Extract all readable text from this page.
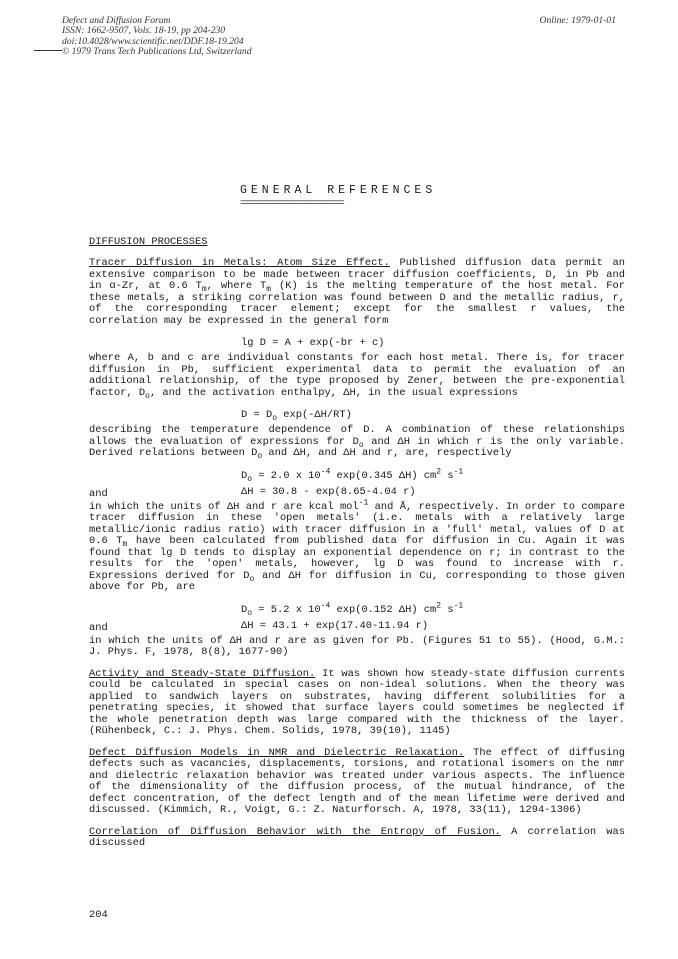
Defect and Diffusion Forum
ISSN: 1662-9507, Vols. 18-19, pp 204-230
doi:10.4028/www.scientific.net/DDF.18-19.204
© 1979 Trans Tech Publications Ltd, Switzerland
Online: 1979-01-01
GENERAL REFERENCES
================================
DIFFUSION PROCESSES
Tracer Diffusion in Metals: Atom Size Effect. Published diffusion data permit an extensive comparison to be made between tracer diffusion coefficients, D, in Pb and in α-Zr, at 0.6 $T_m$, where $T_m$ (K) is the melting temperature of the host metal. For these metals, a striking correlation was found between D and the metallic radius, r, of the corresponding tracer element; except for the smallest r values, the correlation may be expressed in the general form
lg D = A + exp(-br + c)
where A, b and c are individual constants for each host metal. There is, for tracer diffusion in Pb, sufficient experimental data to permit the evaluation of an additional relationship, of the type proposed by Zener, between the pre-exponential factor, $D_o$, and the activation enthalpy, ΔH, in the usual expressions
$D = D_o$ exp(-ΔH/RT)
describing the temperature dependence of D. A combination of these relationships allows the evaluation of expressions for $D_o$ and ΔH in which r is the only variable. Derived relations between $D_o$ and ΔH, and ΔH and r, are, respectively
$D_o = 2.0$ x $10^{-4}$ exp(0.345 ΔH) $cm^2$ $s^{-1}$
and	ΔH = 30.8 - exp(8.65-4.04 r)
in which the units of ΔH and r are kcal mol$^{-1}$ and Å, respectively. In order to compare tracer diffusion in these 'open metals' (i.e. metals with a relatively large metallic/ionic radius ratio) with tracer diffusion in a 'full' metal, values of D at 0.6 $T_m$ have been calculated from published data for diffusion in Cu. Again it was found that lg D tends to display an exponential dependence on r; in contrast to the results for the 'open' metals, however, lg D was found to increase with r. Expressions derived for $D_o$ and ΔH for diffusion in Cu, corresponding to those given above for Pb, are
$D_o = 5.2$ x $10^{-4}$ exp(0.152 ΔH) $cm^2$ $s^{-1}$
and	ΔH = 43.1 + exp(17.40-11.94 r)
in which the units of ΔH and r are as given for Pb. (Figures 51 to 55). (Hood, G.M.: J. Phys. F, 1978, 8(8), 1677-90)
Activity and Steady-State Diffusion. It was shown how steady-state diffusion currents could be calculated in special cases on non-ideal solutions. When the theory was applied to sandwich layers on substrates, having different solubilities for a penetrating species, it showed that surface layers could sometimes be neglected if the whole penetration depth was large compared with the thickness of the layer. (Rühenbeck, C.: J. Phys. Chem. Solids, 1978, 39(10), 1145)
Defect Diffusion Models in NMR and Dielectric Relaxation. The effect of diffusing defects such as vacancies, displacements, torsions, and rotational isomers on the nmr and dielectric relaxation behavior was treated under various aspects. The influence of the dimensionality of the diffusion process, of the mutual hindrance, of the defect concentration, of the defect length and of the mean lifetime were derived and discussed. (Kimmich, R., Voigt, G.: Z. Naturforsch. A, 1978, 33(11), 1294-1306)
Correlation of Diffusion Behavior with the Entropy of Fusion. A correlation was discussed
204
